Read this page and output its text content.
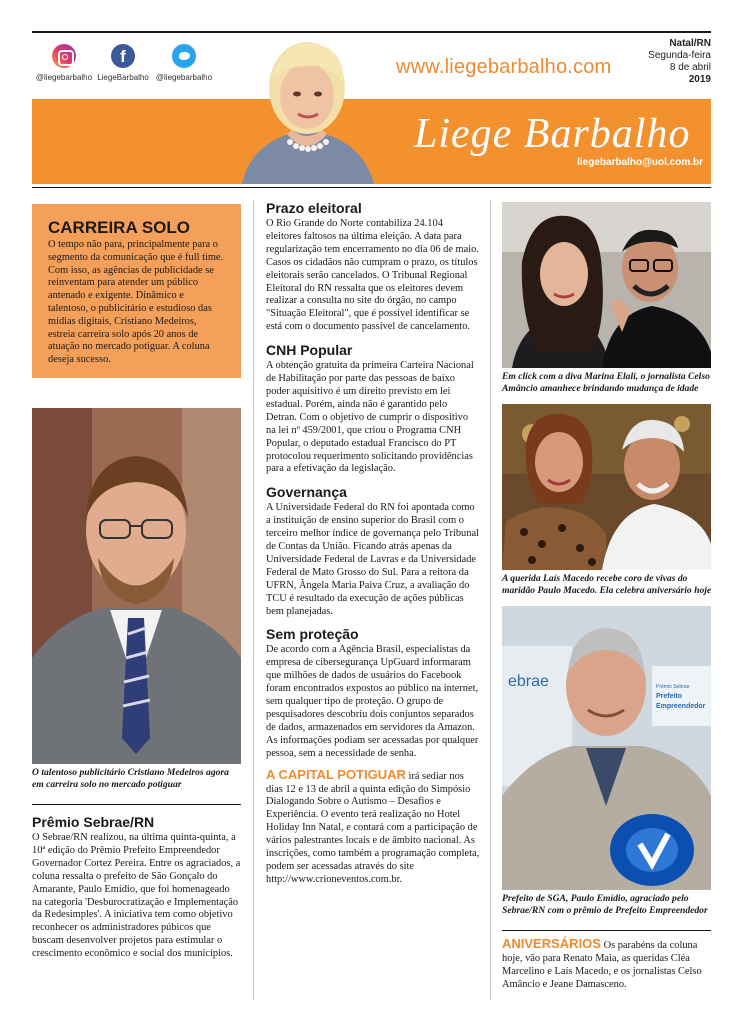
@liegebarbalho
f
LiegeBarbalho @liegebarbalho	www.liegebarbalho.com
Natal/RN
Segunda-feira
8 de abril
2019
Liege Barbalho
liegebarbalho@uol.com.br
CARREIRA SOLO

O tempo não para, principalmente para o segmento da comunicação que é full time. Com isso, as agências de publicidade se reinventam para atender um público antenado e exigente. Dinâmico e talentoso, o publicitário e estudioso das mídias digitais, Cristiano Medeiros, estreia carreira solo após 20 anos de atuação no mercado potiguar. A coluna deseja sucesso.

O talentoso publicitário Cristiano Medeiros agora em carreira solo no mercado potiguar
Prêmio Sebrae/RN
O Sebrae/RN realizou, na última quinta-quinta, a 10ª edição do Prêmio Prefeito Empreendedor Governador Cortez Pereira. Entre os agraciados, a coluna ressalta o prefeito de São Gonçalo do Amarante, Paulo Emídio, que foi homenageado na categoria 'Desburocratização e Implementação da Redesimples'. A iniciativa tem como objetivo reconhecer os administradores púbicos que buscam desenvolver projetos para estimular o crescimento econômico e social dos municípios.
Prazo eleitoral
O Rio Grande do Norte contabiliza 24.104 eleitores faltosos na última eleição. A data para regularização tem encerramento no dia 06 de maio. Casos os cidadãos não cumpram o prazo, os títulos eleitorais serão cancelados. O Tribunal Regional Eleitoral do RN ressalta que os eleitores devem realizar a consulta no site do órgão, no campo "Situação Eleitoral", que é possível identificar se está com o documento passível de cancelamento.
CNH Popular
A obtenção gratuita da primeira Carteira Nacional de Habilitação por parte das pessoas de baixo poder aquisitivo é um direito previsto em lei estadual. Porém, ainda não é garantido pelo Detran. Com o objetivo de cumprir o dispositivo na lei nº 459/2001, que criou o Programa CNH Popular, o deputado estadual Francisco do PT protocolou requerimento solicitando providências para a efetivação da legislação.
Governança
A Universidade Federal do RN foi apontada como a instituição de ensino superior do Brasil com o terceiro melhor índice de governança pelo Tribunal de Contas da União. Ficando atrás apenas da Universidade Federal de Lavras e da Universidade Federal de Mato Grosso do Sul. Para a reitora da UFRN, Ângela Maria Paiva Cruz, a avaliação do TCU é resultado da execução de ações públicas bem planejadas.
Sem proteção
De acordo com a Agência Brasil, especialistas da empresa de cibersegurança UpGuard informaram que milhões de dados de usuários do Facebook foram encontrados expostos ao público na internet, sem qualquer tipo de proteção. O grupo de pesquisadores descobriu dois conjuntos separados de dados, armazenados em servidores da Amazon. As informações podiam ser acessadas por qualquer pessoa, sem a necessidade de senha.
A CAPITAL POTIGUAR irá sediar nos dias 12 e 13 de abril a quinta edição do Simpósio Dialogando Sobre o Autismo – Desafios e Experiência. O evento terá realização no Hotel Holiday Inn Natal, e contará com a participação de vários palestrantes locais e de âmbito nacional. As inscrições, como também a programação completa, podem ser acessadas através do site http://www.crioneventos.com.br.
Em click com a diva Marina Elali, o jornalista Celso Amâncio amanhece brindando mudança de idade
A querida Laís Macedo recebe coro de vivas do maridão Paulo Macedo. Ela celebra aniversário hoje
ebrae	Prêmio Sebrae
Prefeito
Empreendedor
Prefeito de SGA, Paulo Emídio, agraciado pelo Sebrae/RN com o prêmio de Prefeito Empreendedor
ANIVERSÁRIOS Os parabéns da coluna hoje, vão para Renato Maia, as queridas Cléa Marcelino e Laís Macedo, e os jornalistas Celso Amâncio e Jeane Damasceno.
